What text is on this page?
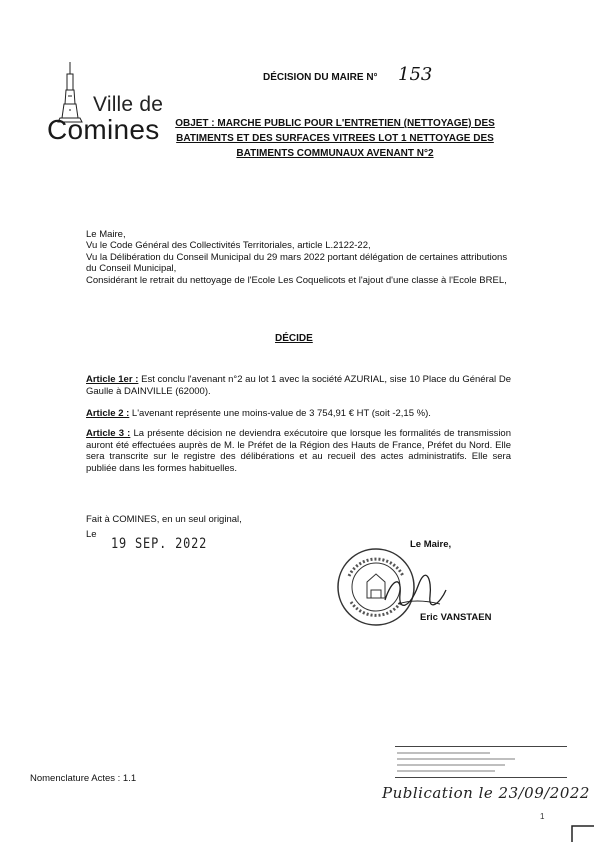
Ville de
Comines
DÉCISION DU MAIRE N° 153
OBJET : MARCHE PUBLIC POUR L'ENTRETIEN (NETTOYAGE) DES BATIMENTS ET DES SURFACES VITREES LOT 1 NETTOYAGE DES BATIMENTS COMMUNAUX AVENANT N°2
Le Maire,

Vu le Code Général des Collectivités Territoriales, article L.2122-22,

Vu la Délibération du Conseil Municipal du 29 mars 2022 portant délégation de certaines attributions du Conseil Municipal,

Considérant le retrait du nettoyage de l'Ecole Les Coquelicots et l'ajout d'une classe à l'Ecole BREL,

DÉCIDE

Article 1er : Est conclu l'avenant n°2 au lot 1 avec la société AZURIAL, sise 10 Place du Général De Gaulle à DAINVILLE (62000).

Article 2 : L'avenant représente une moins-value de 3 754,91 € HT (soit -2,15 %).

Article 3 : La présente décision ne deviendra exécutoire que lorsque les formalités de transmission auront été effectuées auprès de M. le Préfet de la Région des Hauts de France, Préfet du Nord. Elle sera transcrite sur le registre des délibérations et au recueil des actes administratifs. Elle sera publiée dans les formes habituelles.

Fait à COMINES, en un seul original,
Le
19 SEP. 2022	Le Maire,
Eric VANSTAEN
Nomenclature Actes : 1.1
Publication le 23/09/2022
1
